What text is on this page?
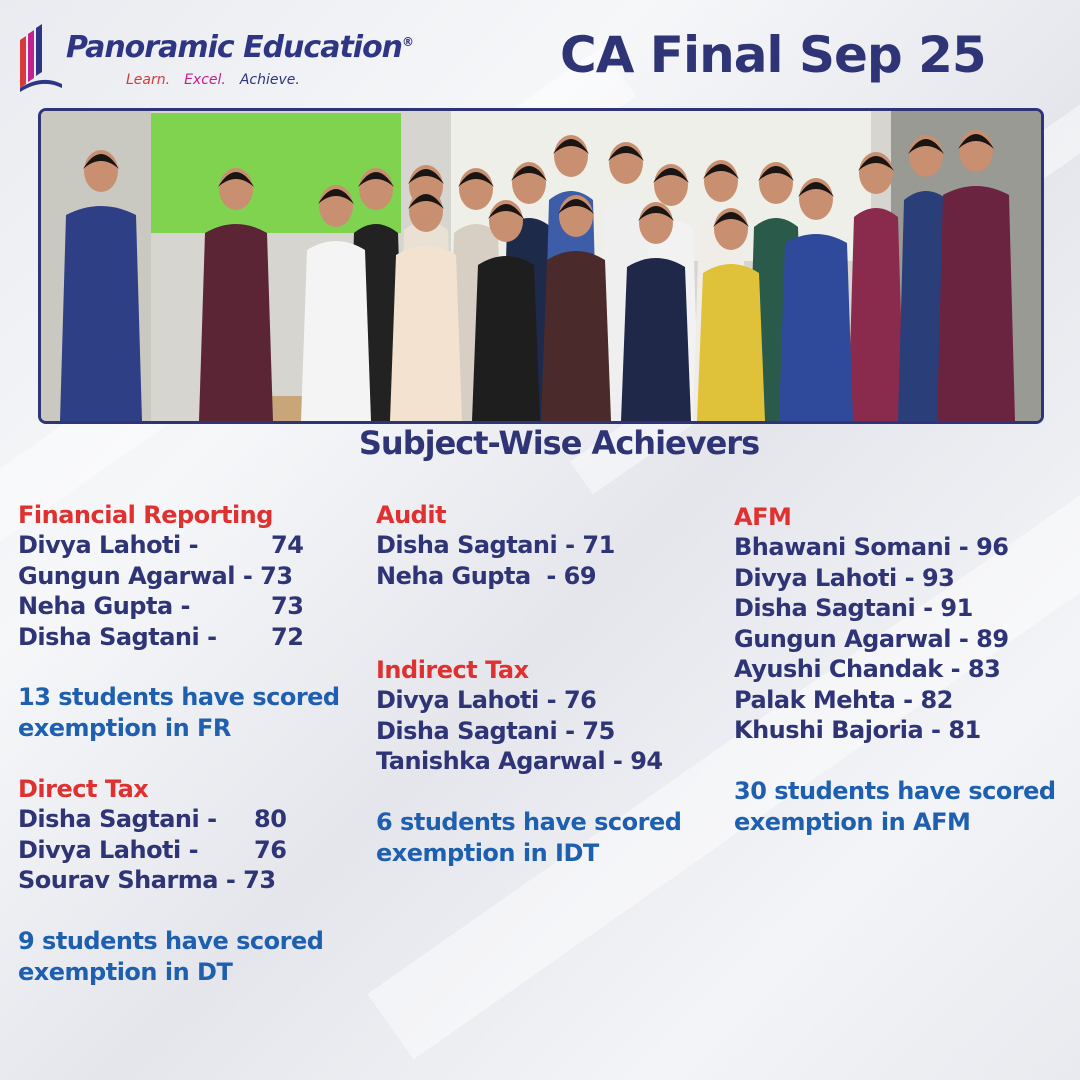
Panoramic Education®
Learn. Excel. Achieve.	CA Final Sep 25
Subject-Wise Achievers
Financial Reporting
Divya Lahoti -	74
Gungun Agarwal - 73
Neha Gupta -	73
Disha Sagtani - 72
13 students have scored exemption in FR
Direct Tax
Disha Sagtani - 80
Divya Lahoti - 76
Sourav Sharma - 73
9 students have scored exemption in DT
Audit
Disha Sagtani - 71
Neha Gupta  - 69
Indirect Tax
Divya Lahoti - 76
Disha Sagtani - 75
Tanishka Agarwal - 94
6 students have scored exemption in IDT
AFM
Bhawani Somani - 96
Divya Lahoti - 93
Disha Sagtani - 91
Gungun Agarwal - 89
Ayushi Chandak - 83
Palak Mehta - 82
Khushi Bajoria - 81
30 students have scored exemption in AFM
